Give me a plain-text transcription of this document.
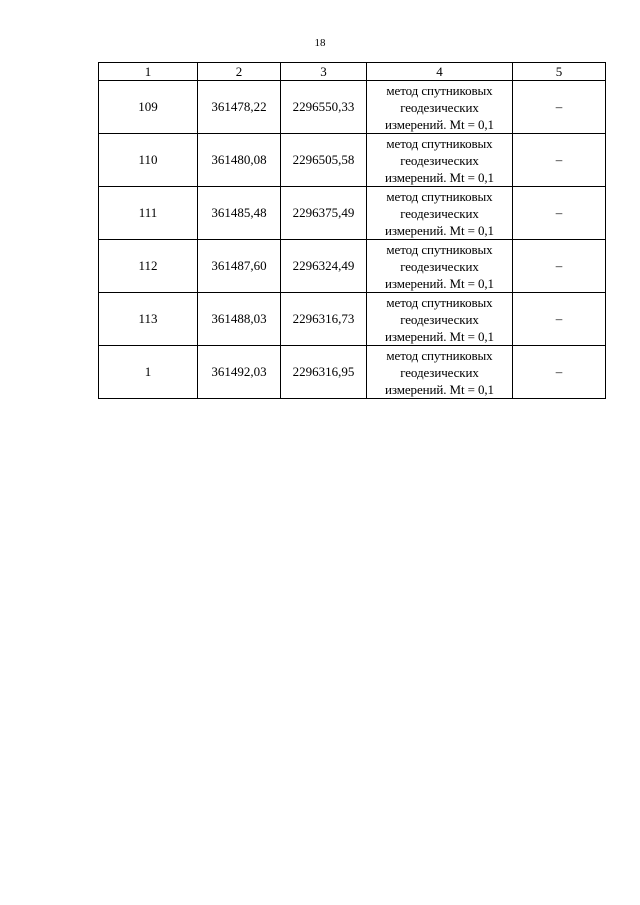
18
1	2	3	4	5
109	361478,22	2296550,33	метод спутниковых
геодезических
измерений. Mt = 0,1	–
110	361480,08	2296505,58	метод спутниковых
геодезических
измерений. Mt = 0,1	–
111	361485,48	2296375,49	метод спутниковых
геодезических
измерений. Mt = 0,1	–
112	361487,60	2296324,49	метод спутниковых
геодезических
измерений. Mt = 0,1	–
113	361488,03	2296316,73	метод спутниковых
геодезических
измерений. Mt = 0,1	–
1	361492,03	2296316,95	метод спутниковых
геодезических
измерений. Mt = 0,1	–
